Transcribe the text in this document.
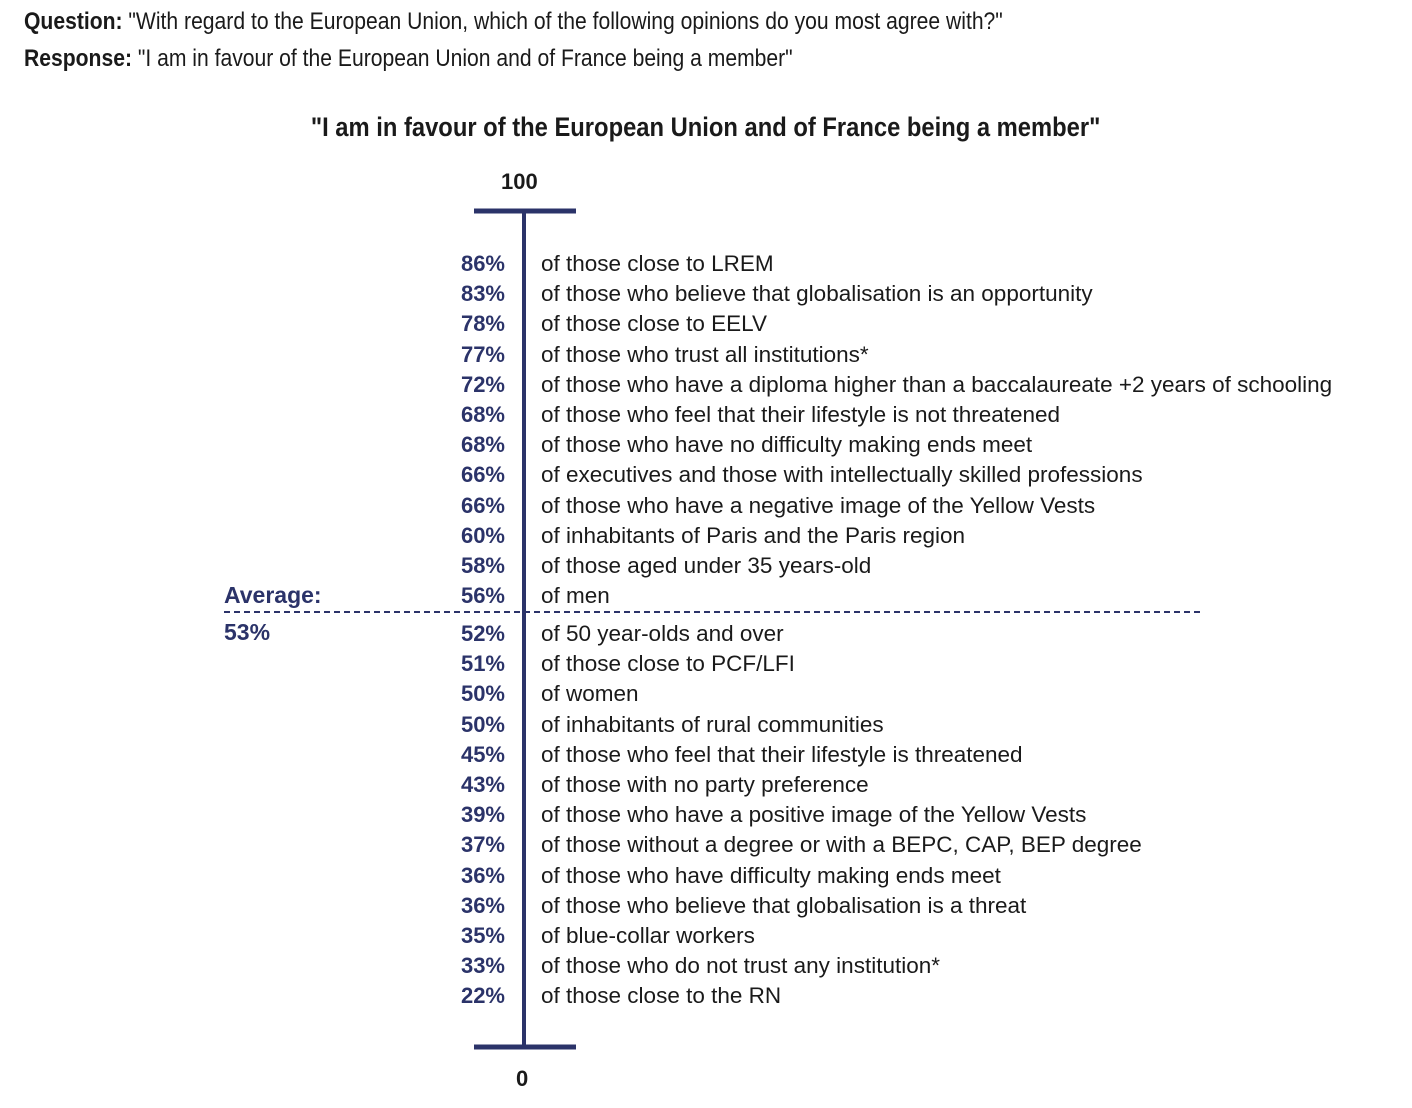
Question: "With regard to the European Union, which of the following opinions do you most agree with?"
Response: "I am in favour of the European Union and of France being a member"
"I am in favour of the European Union and of France being a member"
100
0
Average:
53%
86% of those close to LREM
83% of those who believe that globalisation is an opportunity
78% of those close to EELV
77% of those who trust all institutions*
72% of those who have a diploma higher than a baccalaureate +2 years of schooling
68% of those who feel that their lifestyle is not threatened
68% of those who have no difficulty making ends meet
66% of executives and those with intellectually skilled professions
66% of those who have a negative image of the Yellow Vests
60% of inhabitants of Paris and the Paris region
58% of those aged under 35 years-old
56% of men
52% of 50 year-olds and over
51% of those close to PCF/LFI
50% of women
50% of inhabitants of rural communities
45% of those who feel that their lifestyle is threatened
43% of those with no party preference
39% of those who have a positive image of the Yellow Vests
37% of those without a degree or with a BEPC, CAP, BEP degree
36% of those who have difficulty making ends meet
36% of those who believe that globalisation is a threat
35% of blue-collar workers
33% of those who do not trust any institution*
22% of those close to the RN
